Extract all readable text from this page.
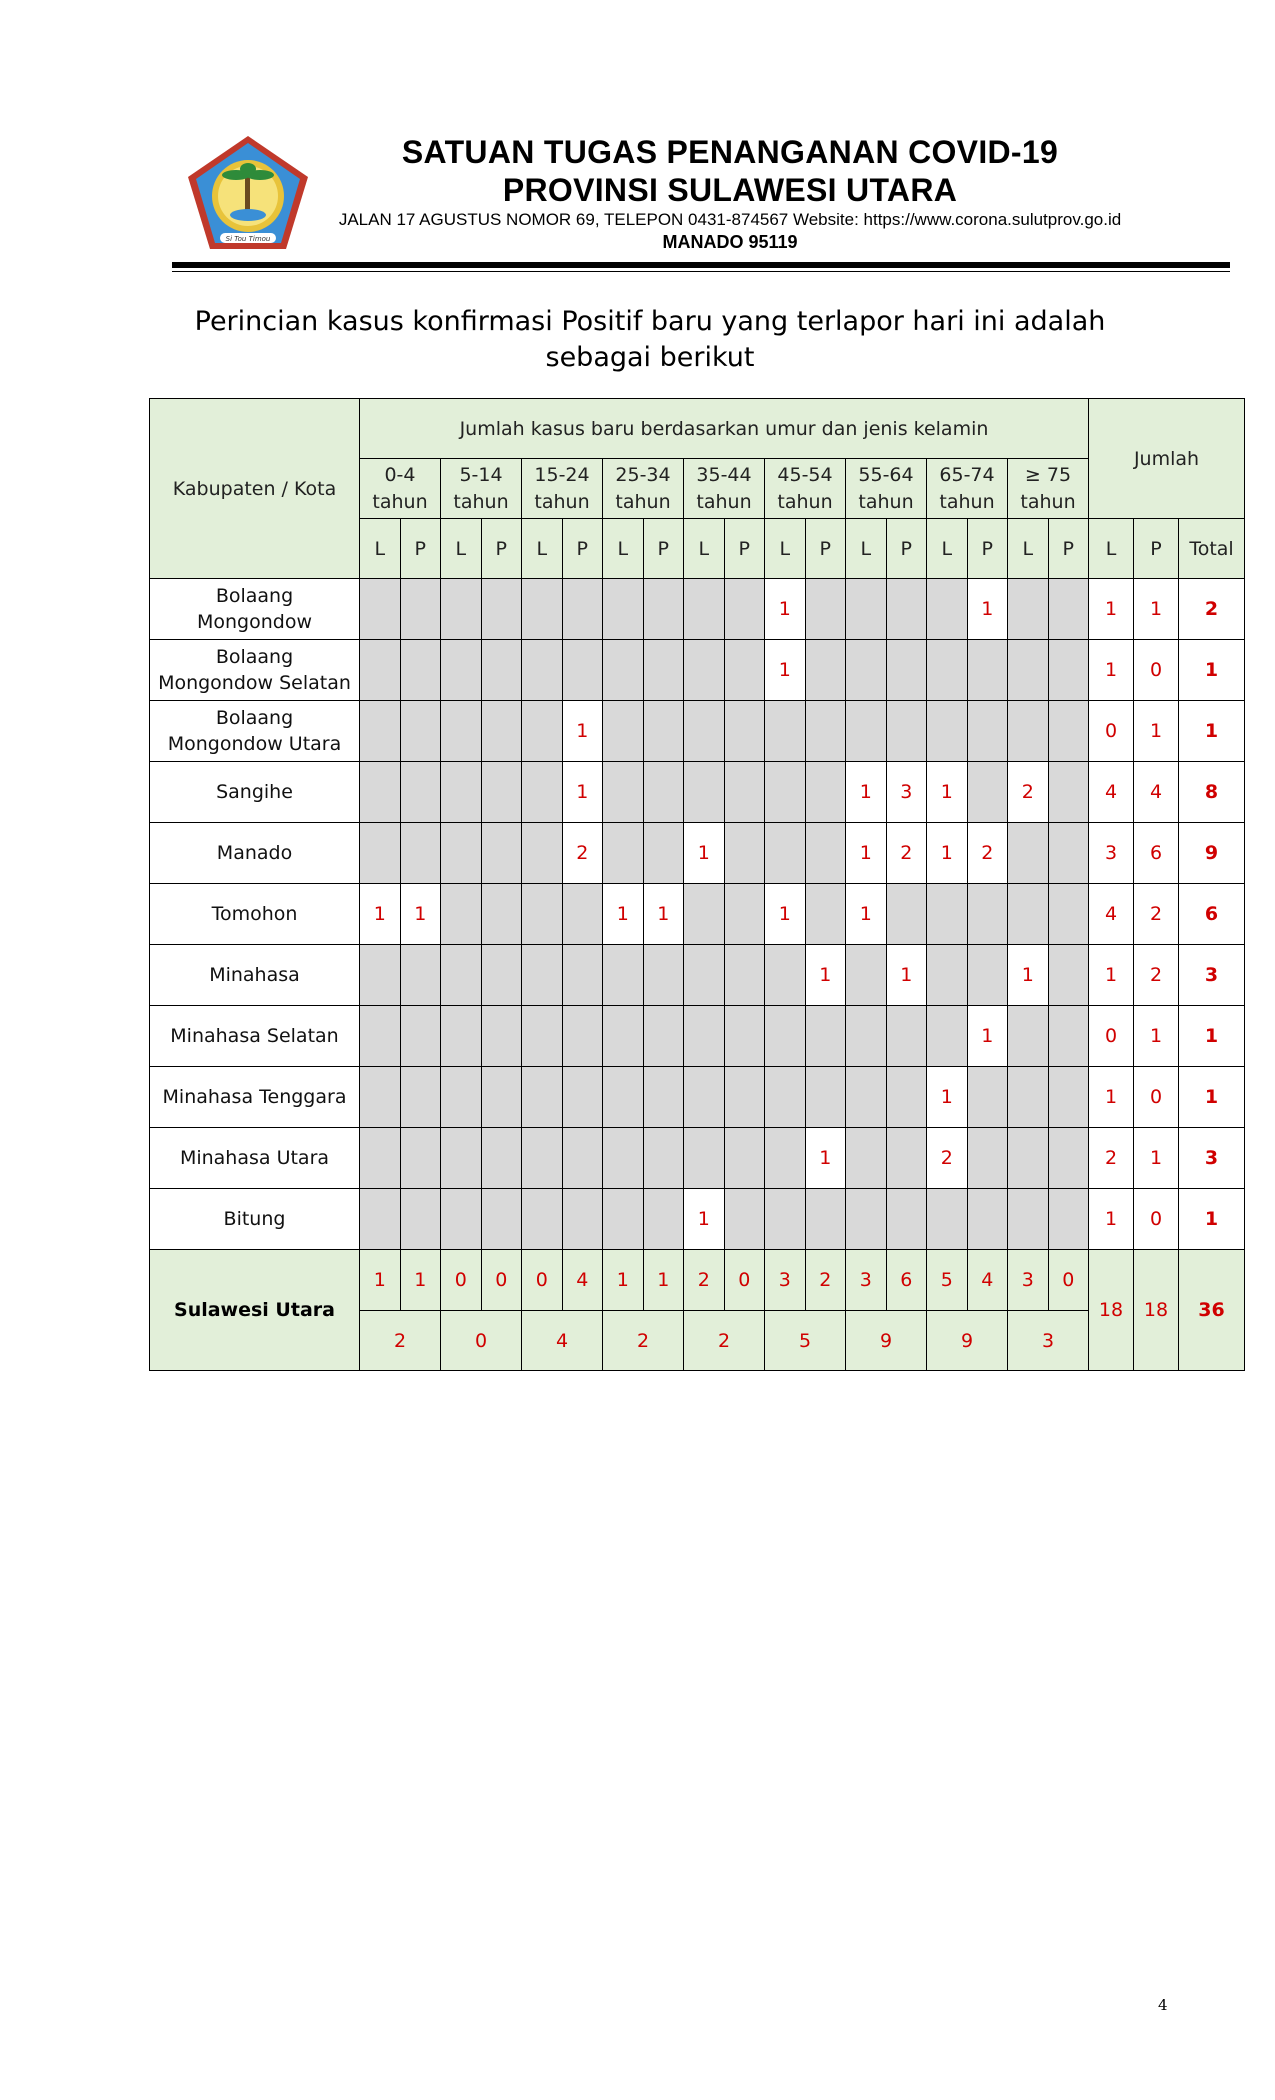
Si Tou Timou
SATUAN TUGAS PENANGANAN COVID-19
PROVINSI SULAWESI UTARA
JALAN 17 AGUSTUS NOMOR 69, TELEPON 0431-874567 Website: https://www.corona.sulutprov.go.id
MANADO 95119
Perincian kasus konfirmasi Positif baru yang terlapor hari ini adalah
sebagai berikut
Kabupaten / Kota	Jumlah kasus baru berdasarkan umur dan jenis kelamin																		Jumlah		

	0-4
tahun		5-14
tahun		15-24
tahun		25-34
tahun		35-44
tahun		45-54
tahun		55-64
tahun		65-74
tahun		≥ 75
tahun				

	L	P	L	P	L	P	L	P	L	P	L	P	L	P	L	P	L	P	L	P	Total

Bolaang
Mongondow											1					1			1	1	2

Bolaang
Mongondow Selatan											1								1	0	1

Bolaang
Mongondow Utara						1													0	1	1

Sangihe						1							1	3	1		2		4	4	8

Manado						2			1				1	2	1	2			3	6	9

Tomohon	1	1					1	1			1		1						4	2	6

Minahasa												1		1			1		1	2	3

Minahasa Selatan																1			0	1	1

Minahasa Tenggara															1				1	0	1

Minahasa Utara												1			2				2	1	3

Bitung									1										1	0	1
Sulawesi Utara	1	1	0	0	0	4	1	1	2	0	3	2	3	6	5	4	3	0	18	18	36
	2		0		4		2		2		5		9		9		3				
4
